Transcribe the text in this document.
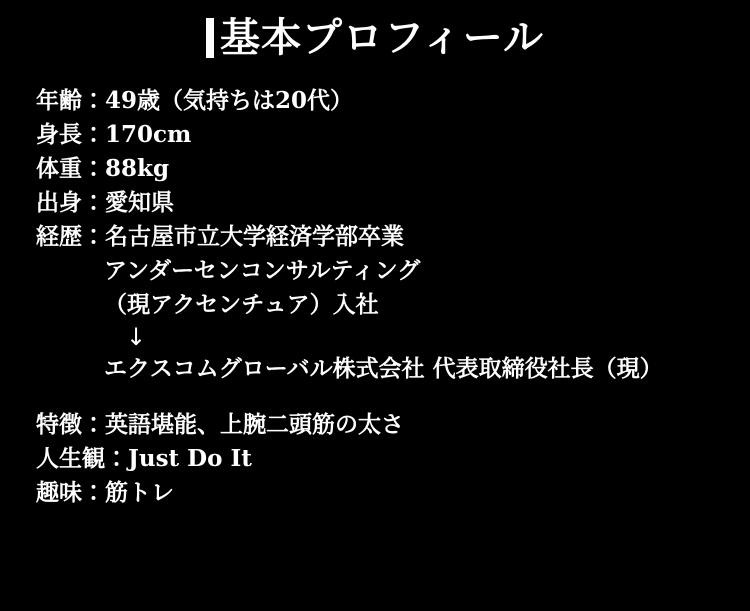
基本プロフィール
年齢：49歳（気持ちは20代）
身長：170cm
体重：88kg
出身：愛知県
経歴：名古屋市立大学経済学部卒業
アンダーセンコンサルティング
（現アクセンチュア）入社
↓
エクスコムグローバル株式会社 代表取締役社長（現）
特徴：英語堪能、上腕二頭筋の太さ
人生観：Just Do It
趣味：筋トレ
